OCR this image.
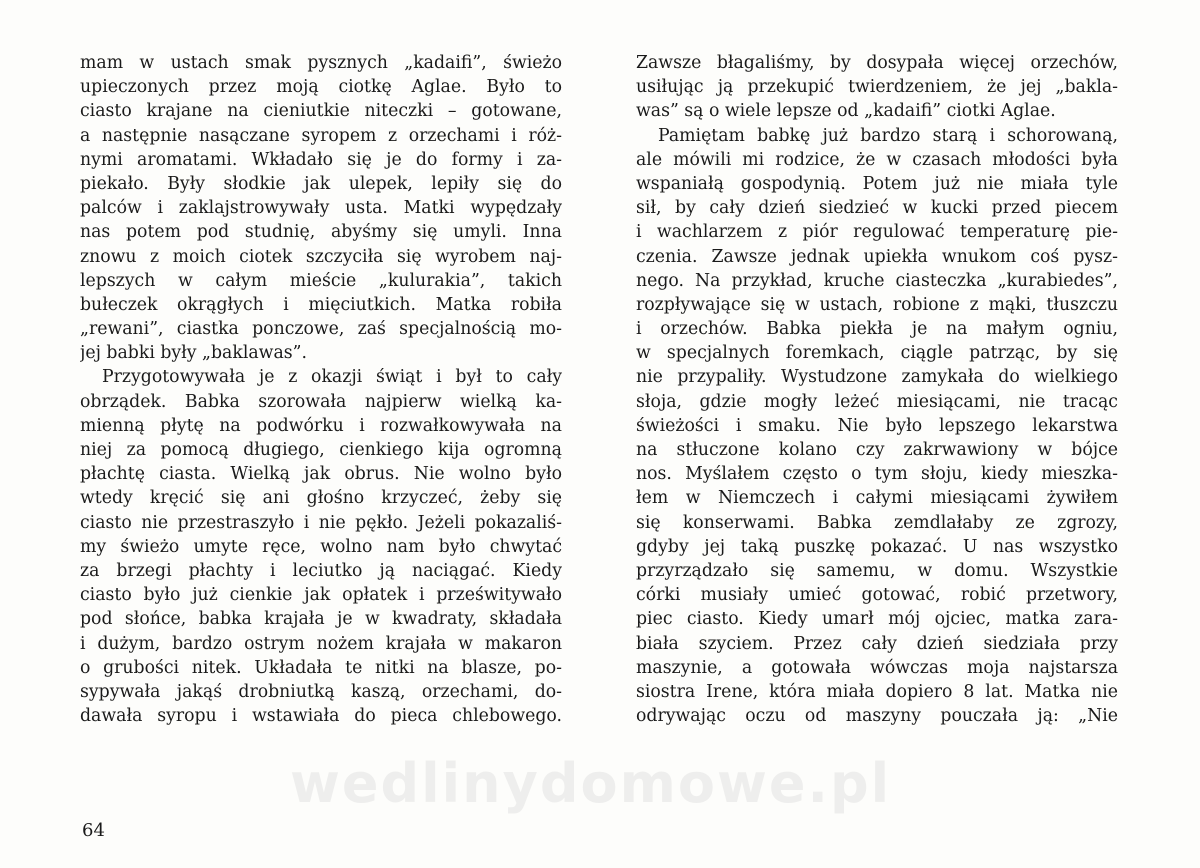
mam w ustach smak pysznych „kadaifi”, świeżo
upieczonych przez moją ciotkę Aglae. Było to
ciasto krajane na cieniutkie niteczki – gotowane,
a następnie nasączane syropem z orzechami i róż-
nymi aromatami. Wkładało się je do formy i za-
piekało. Były słodkie jak ulepek, lepiły się do
palców i zaklajstrowywały usta. Matki wypędzały
nas potem pod studnię, abyśmy się umyli. Inna
znowu z moich ciotek szczyciła się wyrobem naj-
lepszych w całym mieście „kulurakia”, takich
bułeczek okrągłych i mięciutkich. Matka robiła
„rewani”, ciastka ponczowe, zaś specjalnością mo-
jej babki były „baklawas”.
Przygotowywała je z okazji świąt i był to cały
obrządek. Babka szorowała najpierw wielką ka-
mienną płytę na podwórku i rozwałkowywała na
niej za pomocą długiego, cienkiego kija ogromną
płachtę ciasta. Wielką jak obrus. Nie wolno było
wtedy kręcić się ani głośno krzyczeć, żeby się
ciasto nie przestraszyło i nie pękło. Jeżeli pokazaliś-
my świeżo umyte ręce, wolno nam było chwytać
za brzegi płachty i leciutko ją naciągać. Kiedy
ciasto było już cienkie jak opłatek i prześwitywało
pod słońce, babka krajała je w kwadraty, składała
i dużym, bardzo ostrym nożem krajała w makaron
o grubości nitek. Układała te nitki na blasze, po-
sypywała jakąś drobniutką kaszą, orzechami, do-
dawała syropu i wstawiała do pieca chlebowego.
Zawsze błagaliśmy, by dosypała więcej orzechów,
usiłując ją przekupić twierdzeniem, że jej „bakla-
was” są o wiele lepsze od „kadaifi” ciotki Aglae.
Pamiętam babkę już bardzo starą i schorowaną,
ale mówili mi rodzice, że w czasach młodości była
wspaniałą gospodynią. Potem już nie miała tyle
sił, by cały dzień siedzieć w kucki przed piecem
i wachlarzem z piór regulować temperaturę pie-
czenia. Zawsze jednak upiekła wnukom coś pysz-
nego. Na przykład, kruche ciasteczka „kurabiedes”,
rozpływające się w ustach, robione z mąki, tłuszczu
i orzechów. Babka piekła je na małym ogniu,
w specjalnych foremkach, ciągle patrząc, by się
nie przypaliły. Wystudzone zamykała do wielkiego
słoja, gdzie mogły leżeć miesiącami, nie tracąc
świeżości i smaku. Nie było lepszego lekarstwa
na stłuczone kolano czy zakrwawiony w bójce
nos. Myślałem często o tym słoju, kiedy mieszka-
łem w Niemczech i całymi miesiącami żywiłem
się konserwami. Babka zemdlałaby ze zgrozy,
gdyby jej taką puszkę pokazać. U nas wszystko
przyrządzało się samemu, w domu. Wszystkie
córki musiały umieć gotować, robić przetwory,
piec ciasto. Kiedy umarł mój ojciec, matka zara-
biała szyciem. Przez cały dzień siedziała przy
maszynie, a gotowała wówczas moja najstarsza
siostra Irene, która miała dopiero 8 lat. Matka nie
odrywając oczu od maszyny pouczała ją: „Nie
wedlinydomowe.pl
64
